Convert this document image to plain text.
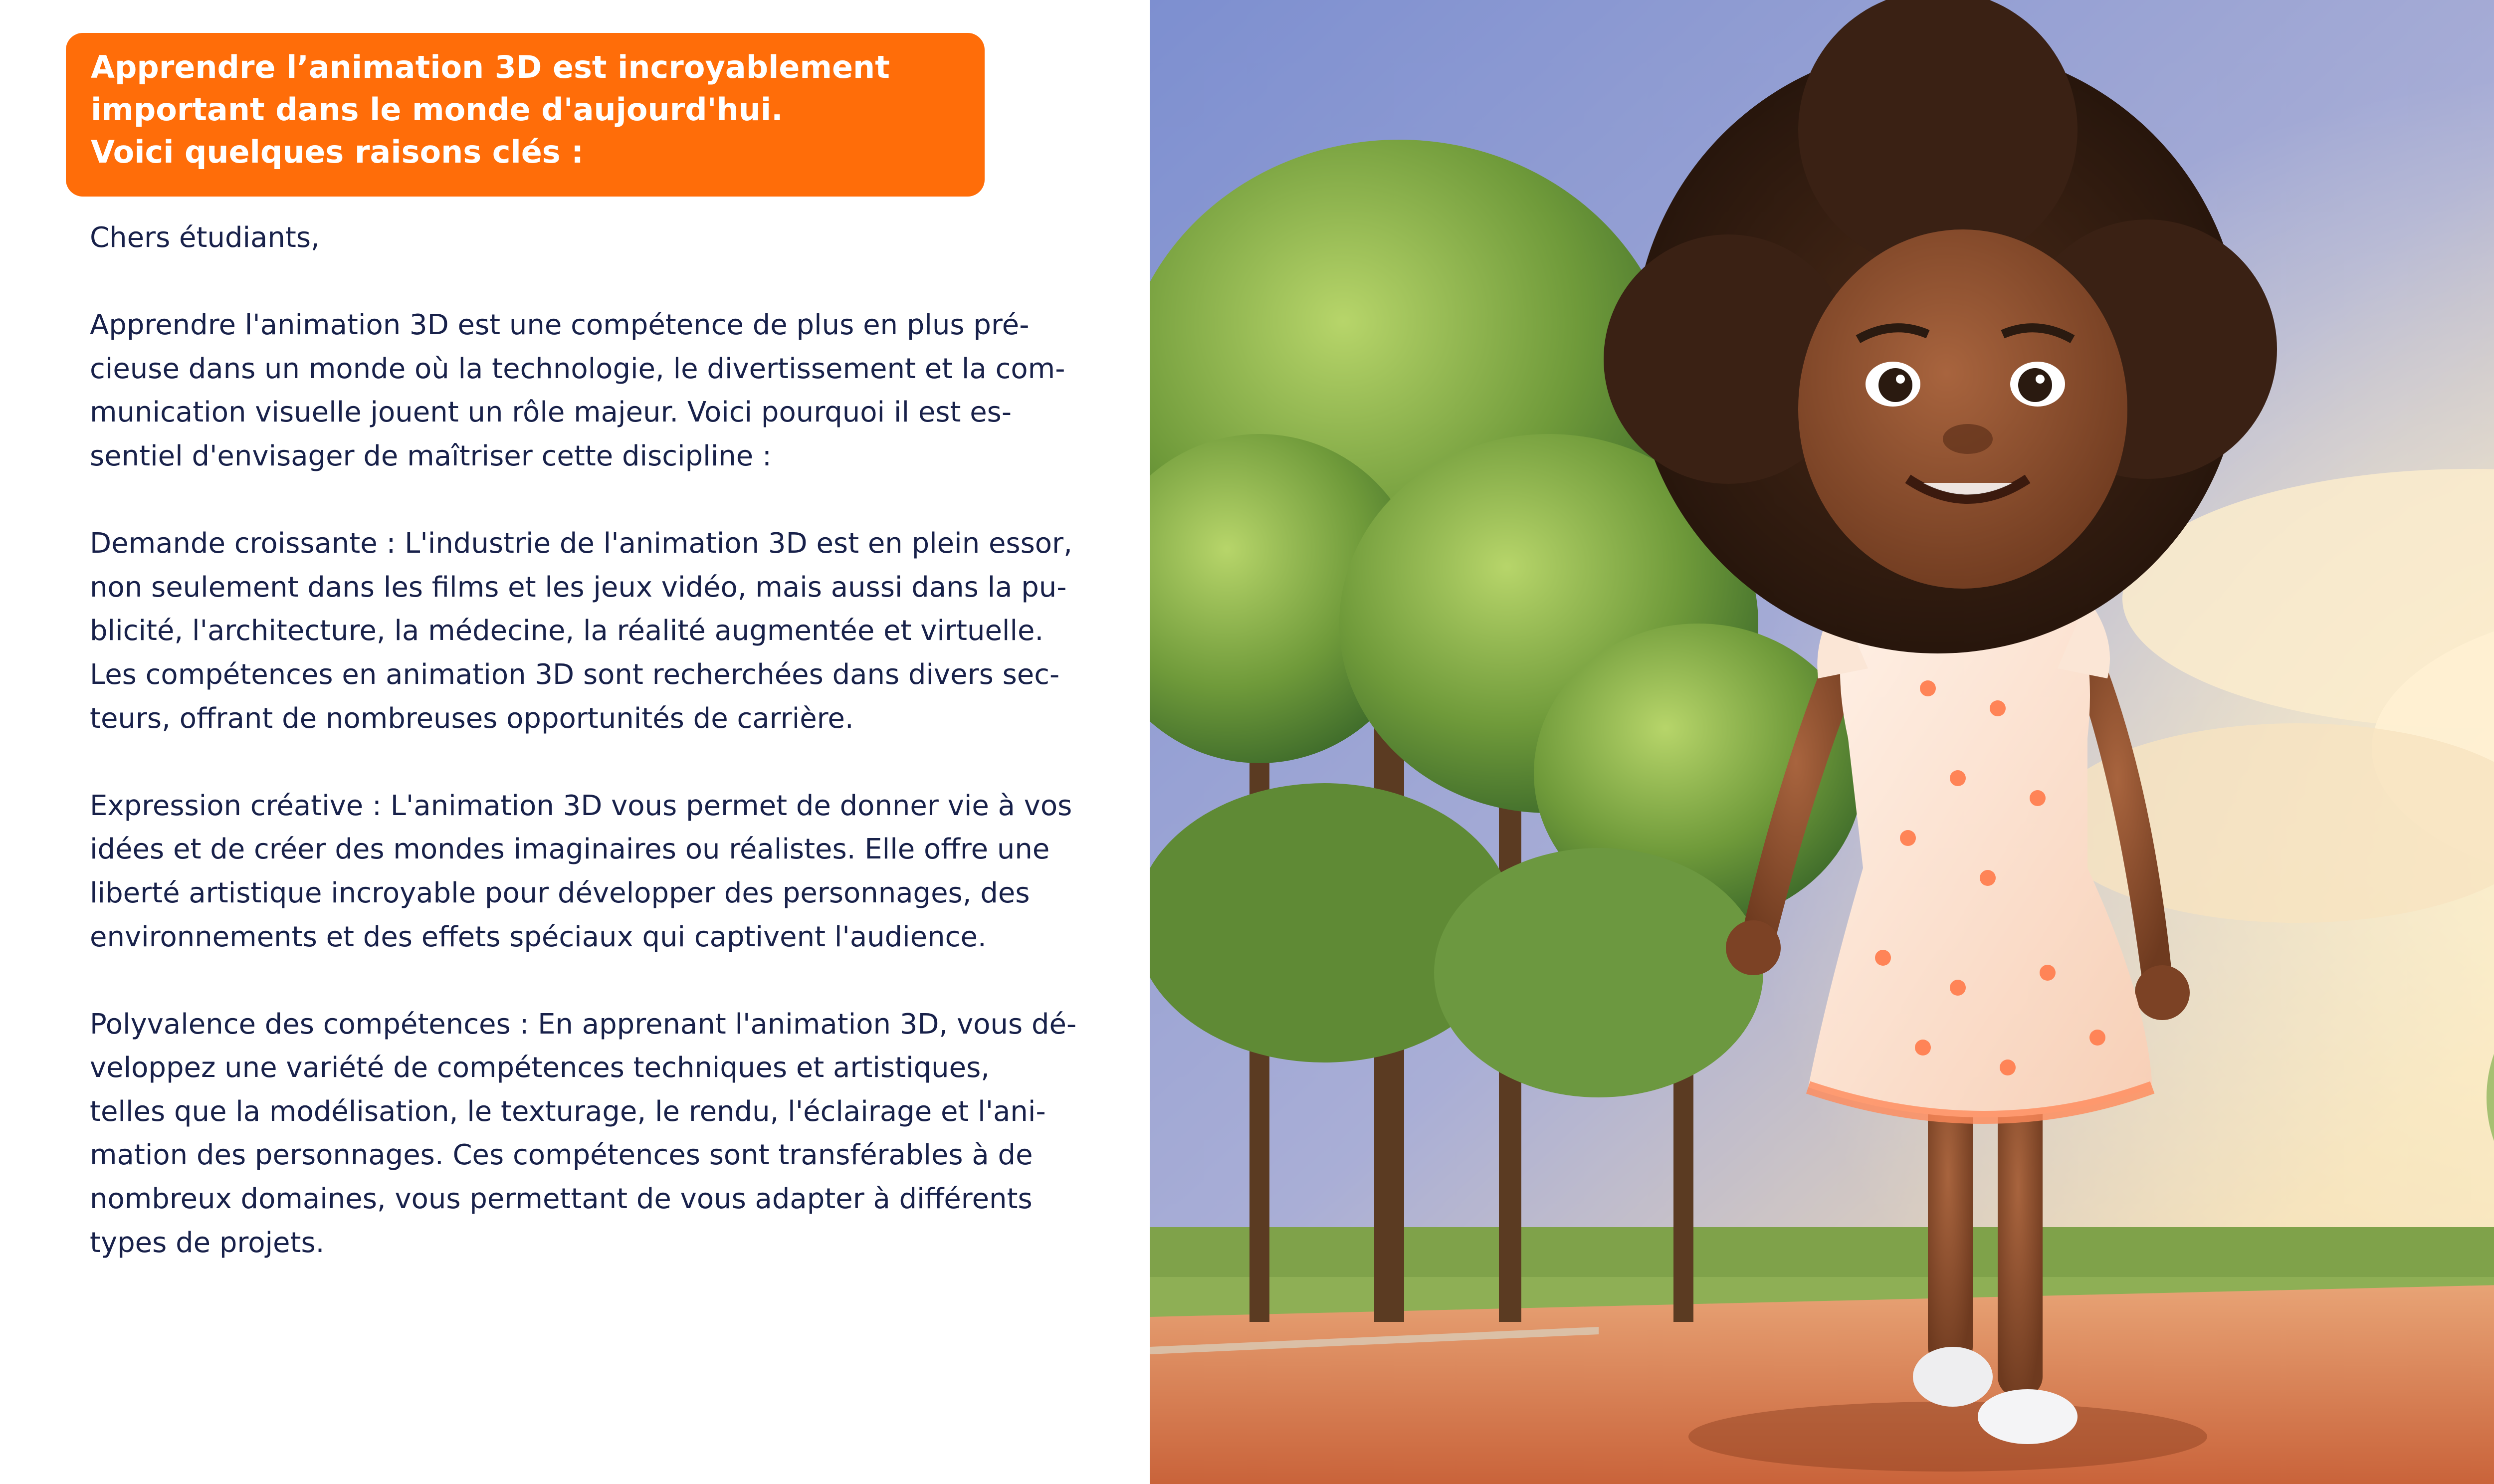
Apprendre l’animation 3D est incroyablement
important dans le monde d'aujourd'hui.
Voici quelques raisons clés :
Chers étudiants,
Apprendre l'animation 3D est une compétence de plus en plus pré-
cieuse dans un monde où la technologie, le divertissement et la com-
munication visuelle jouent un rôle majeur. Voici pourquoi il est es-
sentiel d'envisager de maîtriser cette discipline :
Demande croissante : L'industrie de l'animation 3D est en plein essor,
non seulement dans les films et les jeux vidéo, mais aussi dans la pu-
blicité, l'architecture, la médecine, la réalité augmentée et virtuelle.
Les compétences en animation 3D sont recherchées dans divers sec-
teurs, offrant de nombreuses opportunités de carrière.
Expression créative : L'animation 3D vous permet de donner vie à vos
idées et de créer des mondes imaginaires ou réalistes. Elle offre une
liberté artistique incroyable pour développer des personnages, des
environnements et des effets spéciaux qui captivent l'audience.
Polyvalence des compétences : En apprenant l'animation 3D, vous dé-
veloppez une variété de compétences techniques et artistiques,
telles que la modélisation, le texturage, le rendu, l'éclairage et l'ani-
mation des personnages. Ces compétences sont transférables à de
nombreux domaines, vous permettant de vous adapter à différents
types de projets.
